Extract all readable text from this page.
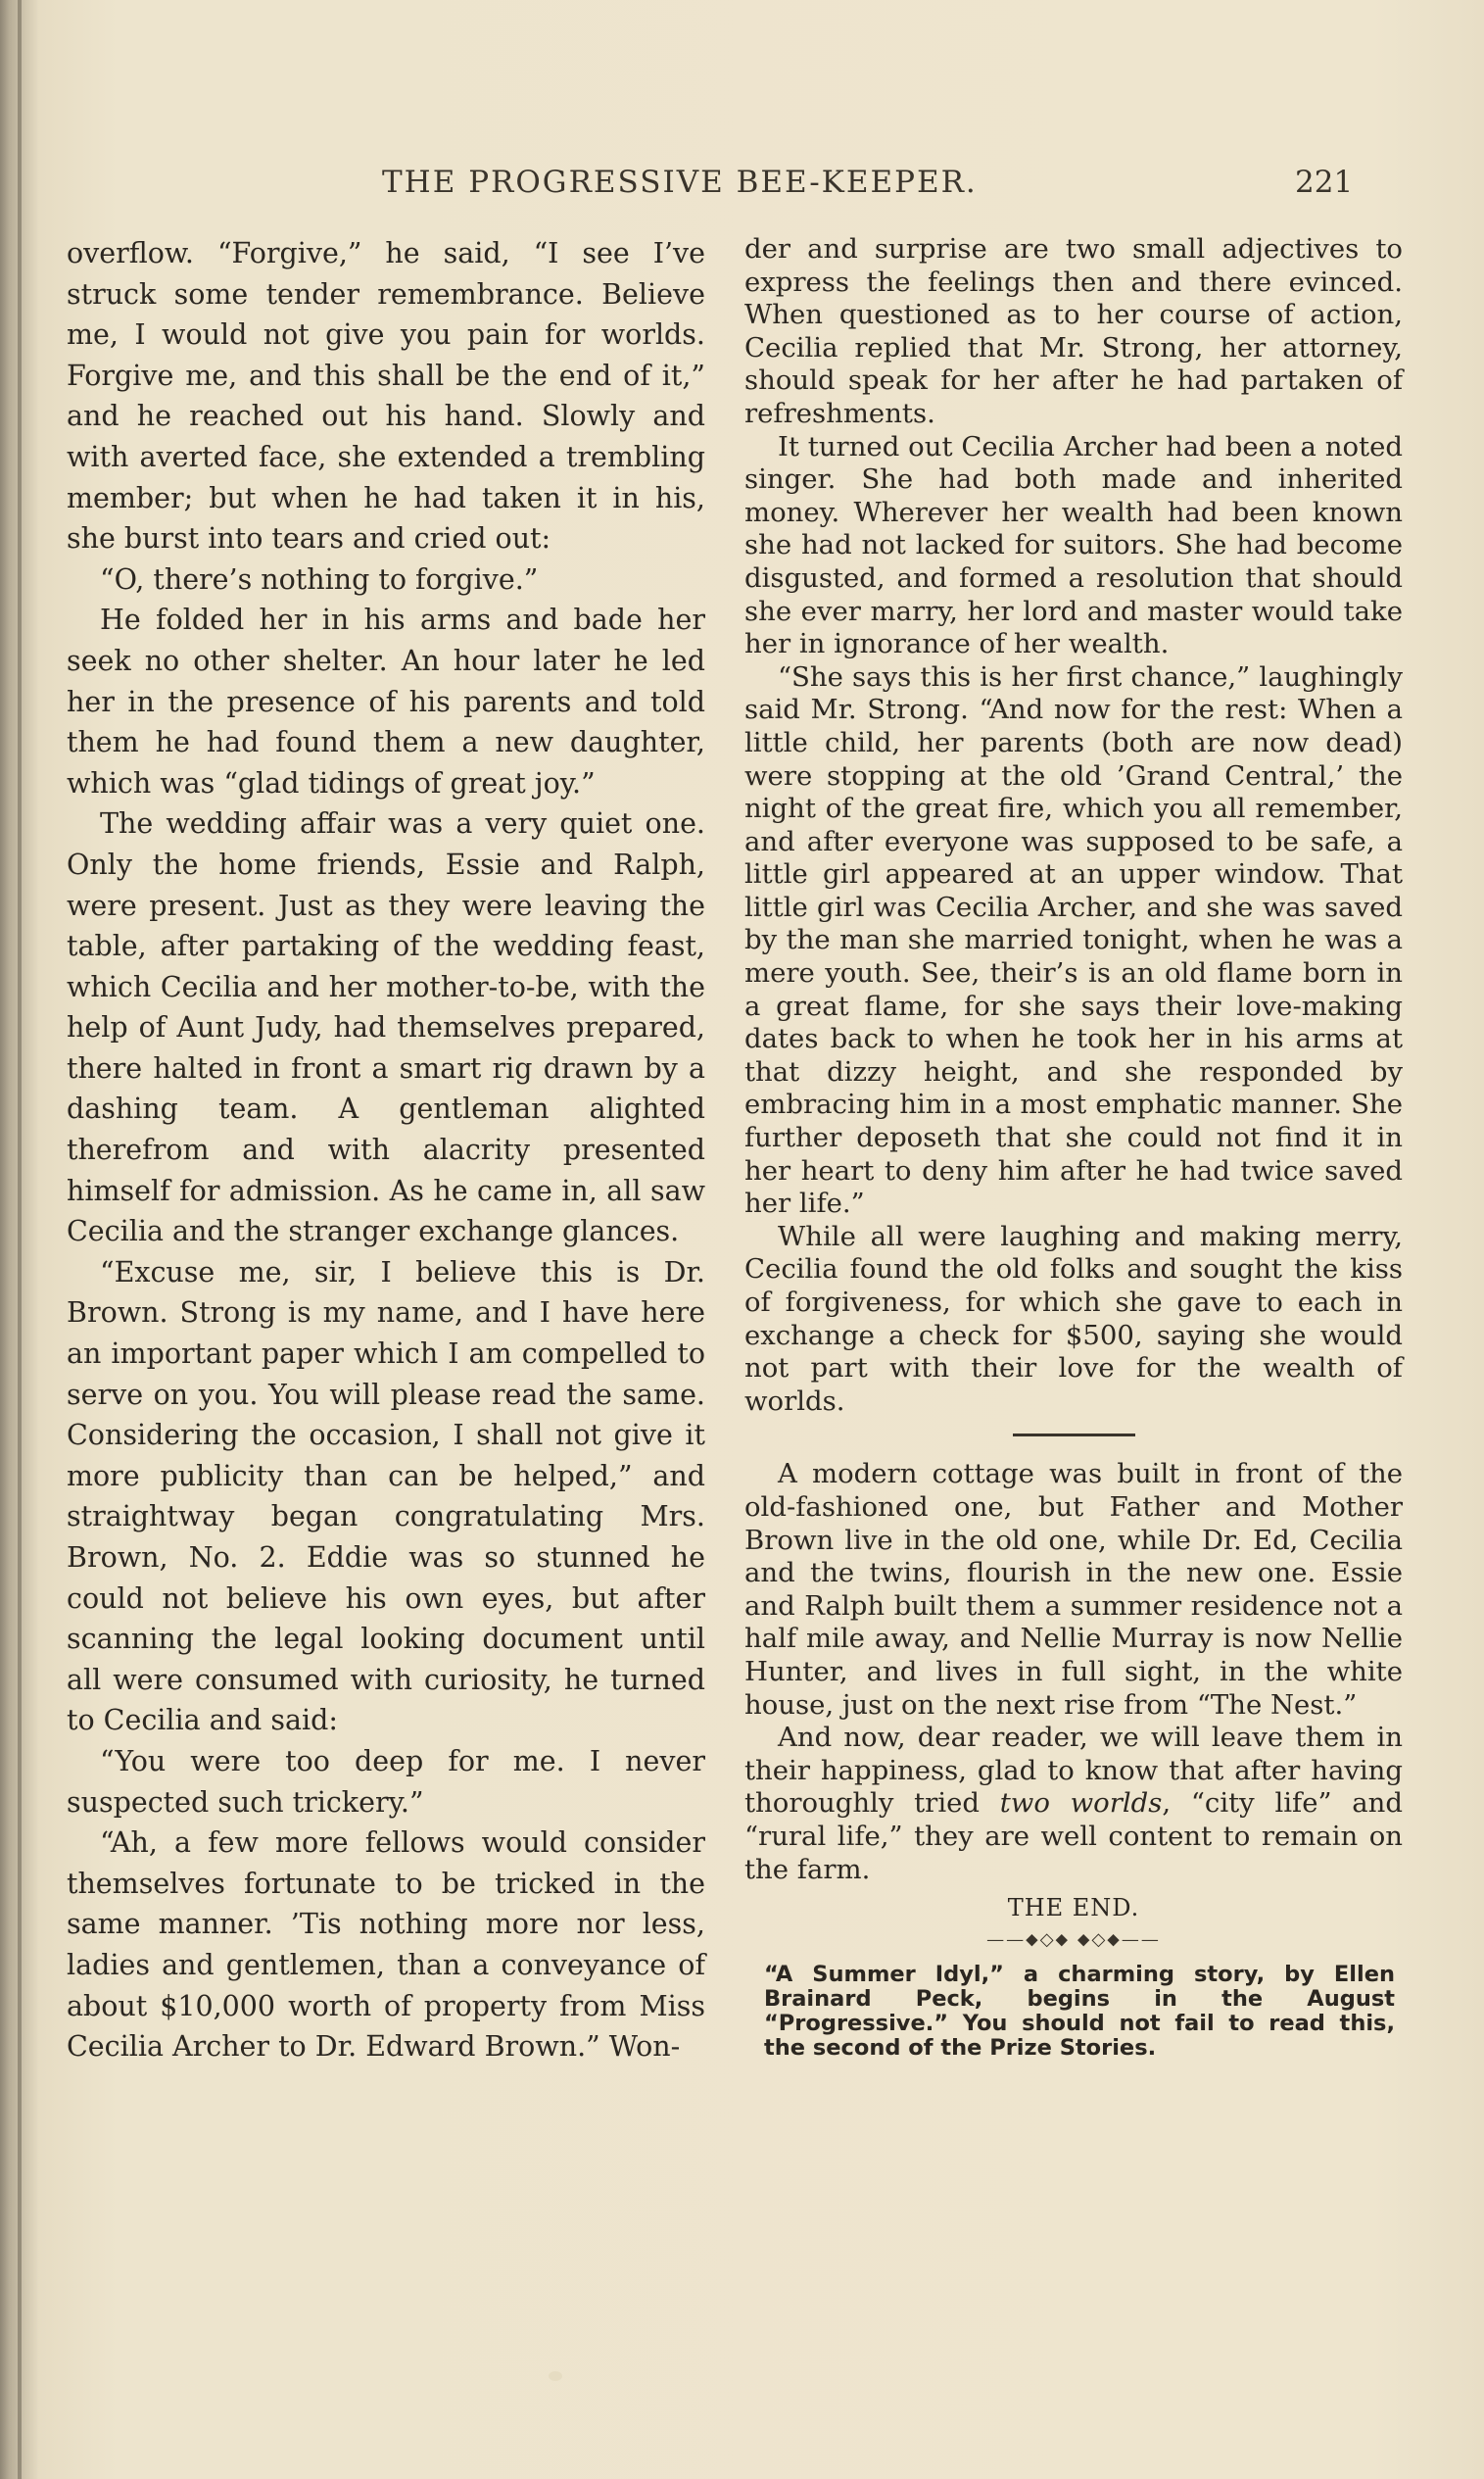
THE PROGRESSIVE BEE-KEEPER.	221

overflow. “Forgive,” he said, “I see I’ve struck some tender remembrance. Believe me, I would not give you pain for worlds. Forgive me, and this shall be the end of it,” and he reached out his hand. Slowly and with averted face, she extended a trembling member; but when he had taken it in his, she burst into tears and cried out:

“O, there’s nothing to forgive.”

He folded her in his arms and bade her seek no other shelter. An hour later he led her in the presence of his parents and told them he had found them a new daughter, which was “glad tidings of great joy.”

The wedding affair was a very quiet one. Only the home friends, Essie and Ralph, were present. Just as they were leaving the table, after partaking of the wedding feast, which Cecilia and her mother-to-be, with the help of Aunt Judy, had themselves prepared, there halted in front a smart rig drawn by a dashing team. A gentleman alighted therefrom and with alacrity presented himself for admission. As he came in, all saw Cecilia and the stranger exchange glances.

“Excuse me, sir, I believe this is Dr. Brown. Strong is my name, and I have here an important paper which I am compelled to serve on you. You will please read the same. Considering the occasion, I shall not give it more publicity than can be helped,” and straightway began congratulating Mrs. Brown, No. 2. Eddie was so stunned he could not believe his own eyes, but after scanning the legal looking document until all were consumed with curiosity, he turned to Cecilia and said:

“You were too deep for me. I never suspected such trickery.”

“Ah, a few more fellows would consider themselves fortunate to be tricked in the same manner. ’Tis nothing more nor less, ladies and gentlemen, than a conveyance of about $10,000 worth of property from Miss Cecilia Archer to Dr. Edward Brown.” Won-

der and surprise are two small adjectives to express the feelings then and there evinced. When questioned as to her course of action, Cecilia replied that Mr. Strong, her attorney, should speak for her after he had partaken of refreshments.

It turned out Cecilia Archer had been a noted singer. She had both made and inherited money. Wherever her wealth had been known she had not lacked for suitors. She had become disgusted, and formed a resolution that should she ever marry, her lord and master would take her in ignorance of her wealth.

“She says this is her first chance,” laughingly said Mr. Strong. “And now for the rest: When a little child, her parents (both are now dead) were stopping at the old ’Grand Central,’ the night of the great fire, which you all remember, and after everyone was supposed to be safe, a little girl appeared at an upper window. That little girl was Cecilia Archer, and she was saved by the man she married tonight, when he was a mere youth. See, their’s is an old flame born in a great flame, for she says their love-making dates back to when he took her in his arms at that dizzy height, and she responded by embracing him in a most emphatic manner. She further deposeth that she could not find it in her heart to deny him after he had twice saved her life.”

While all were laughing and making merry, Cecilia found the old folks and sought the kiss of forgiveness, for which she gave to each in exchange a check for $500, saying she would not part with their love for the wealth of worlds.

A modern cottage was built in front of the old-fashioned one, but Father and Mother Brown live in the old one, while Dr. Ed, Cecilia and the twins, flourish in the new one. Essie and Ralph built them a summer residence not a half mile away, and Nellie Murray is now Nellie Hunter, and lives in full sight, in the white house, just on the next rise from “The Nest.”

And now, dear reader, we will leave them in their happiness, glad to know that after having thoroughly tried two worlds, “city life” and “rural life,” they are well content to remain on the farm.

THE END.
——⬥◇⬥ ⬥◇⬥——
“A Summer Idyl,” a charming story, by Ellen Brainard Peck, begins in the August “Progressive.” You should not fail to read this, the second of the Prize Stories.
